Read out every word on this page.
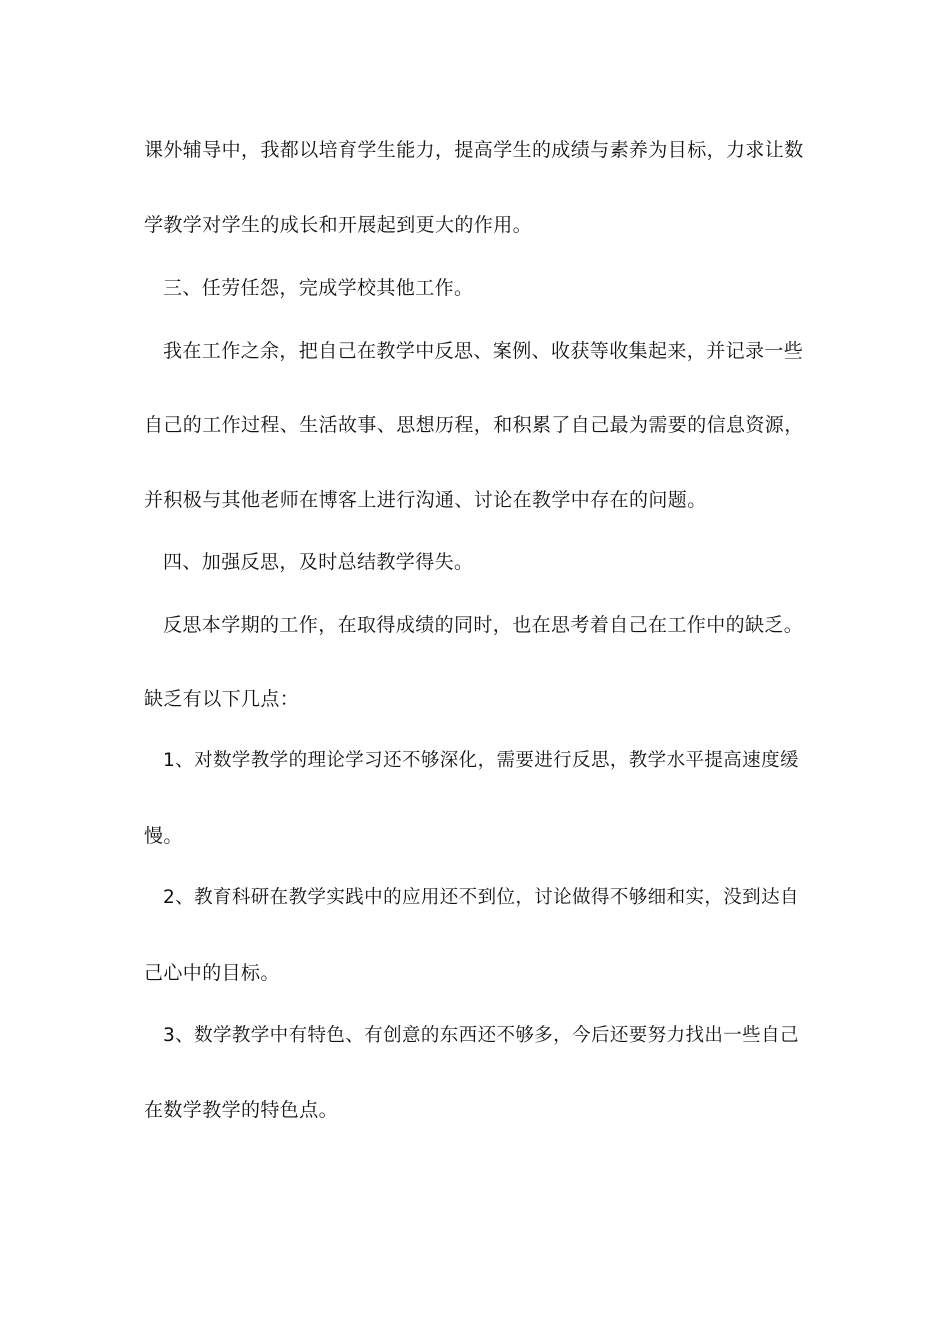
课外辅导中，我都以培育学生能力，提高学生的成绩与素养为目标，力求让数
学教学对学生的成长和开展起到更大的作用。
三、任劳任怨，完成学校其他工作。
我在工作之余，把自己在教学中反思、案例、收获等收集起来，并记录一些
自己的工作过程、生活故事、思想历程，和积累了自己最为需要的信息资源，
并积极与其他老师在博客上进行沟通、讨论在教学中存在的问题。
四、加强反思，及时总结教学得失。
反思本学期的工作，在取得成绩的同时，也在思考着自己在工作中的缺乏。
缺乏有以下几点：
1、对数学教学的理论学习还不够深化，需要进行反思，教学水平提高速度缓
慢。
2、教育科研在教学实践中的应用还不到位，讨论做得不够细和实，没到达自
己心中的目标。
3、数学教学中有特色、有创意的东西还不够多，今后还要努力找出一些自己
在数学教学的特色点。
